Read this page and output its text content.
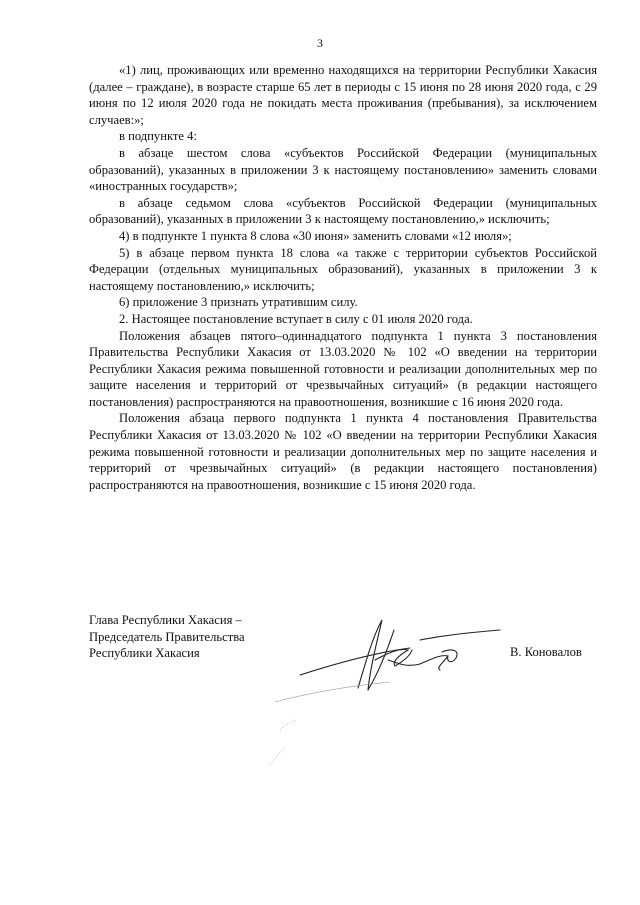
3

«1) лиц, проживающих или временно находящихся на территории Республики Хакасия (далее – граждане), в возрасте старше 65 лет в периоды с 15 июня по 28 июня 2020 года, с 29 июня по 12 июля 2020 года не покидать места проживания (пребывания), за исключением случаев:»;

в подпункте 4:

в абзаце шестом слова «субъектов Российской Федерации (муниципальных образований), указанных в приложении 3 к настоящему постановлению» заменить словами «иностранных государств»;

в абзаце седьмом слова «субъектов Российской Федерации (муниципальных образований), указанных в приложении 3 к настоящему постановлению,» исключить;

4) в подпункте 1 пункта 8 слова «30 июня» заменить словами «12 июля»;

5) в абзаце первом пункта 18 слова «а также с территории субъектов Российской Федерации (отдельных муниципальных образований), указанных в приложении 3 к настоящему постановлению,» исключить;

6) приложение 3 признать утратившим силу.

2. Настоящее постановление вступает в силу с 01 июля 2020 года.

Положения абзацев пятого–одиннадцатого подпункта 1 пункта 3 постановления Правительства Республики Хакасия от 13.03.2020 № 102 «О введении на территории Республики Хакасия режима повышенной готовности и реализации дополнительных мер по защите населения и территорий от чрезвычайных ситуаций» (в редакции настоящего постановления) распространяются на правоотношения, возникшие с 16 июня 2020 года.

Положения абзаца первого подпункта 1 пункта 4 постановления Правительства Республики Хакасия от 13.03.2020 № 102 «О введении на территории Республики Хакасия режима повышенной готовности и реализации дополнительных мер по защите населения и территорий от чрезвычайных ситуаций» (в редакции настоящего постановления) распространяются на правоотношения, возникшие с 15 июня 2020 года.

Глава Республики Хакасия –
Председатель Правительства
Республики Хакасия	В. Коновалов
